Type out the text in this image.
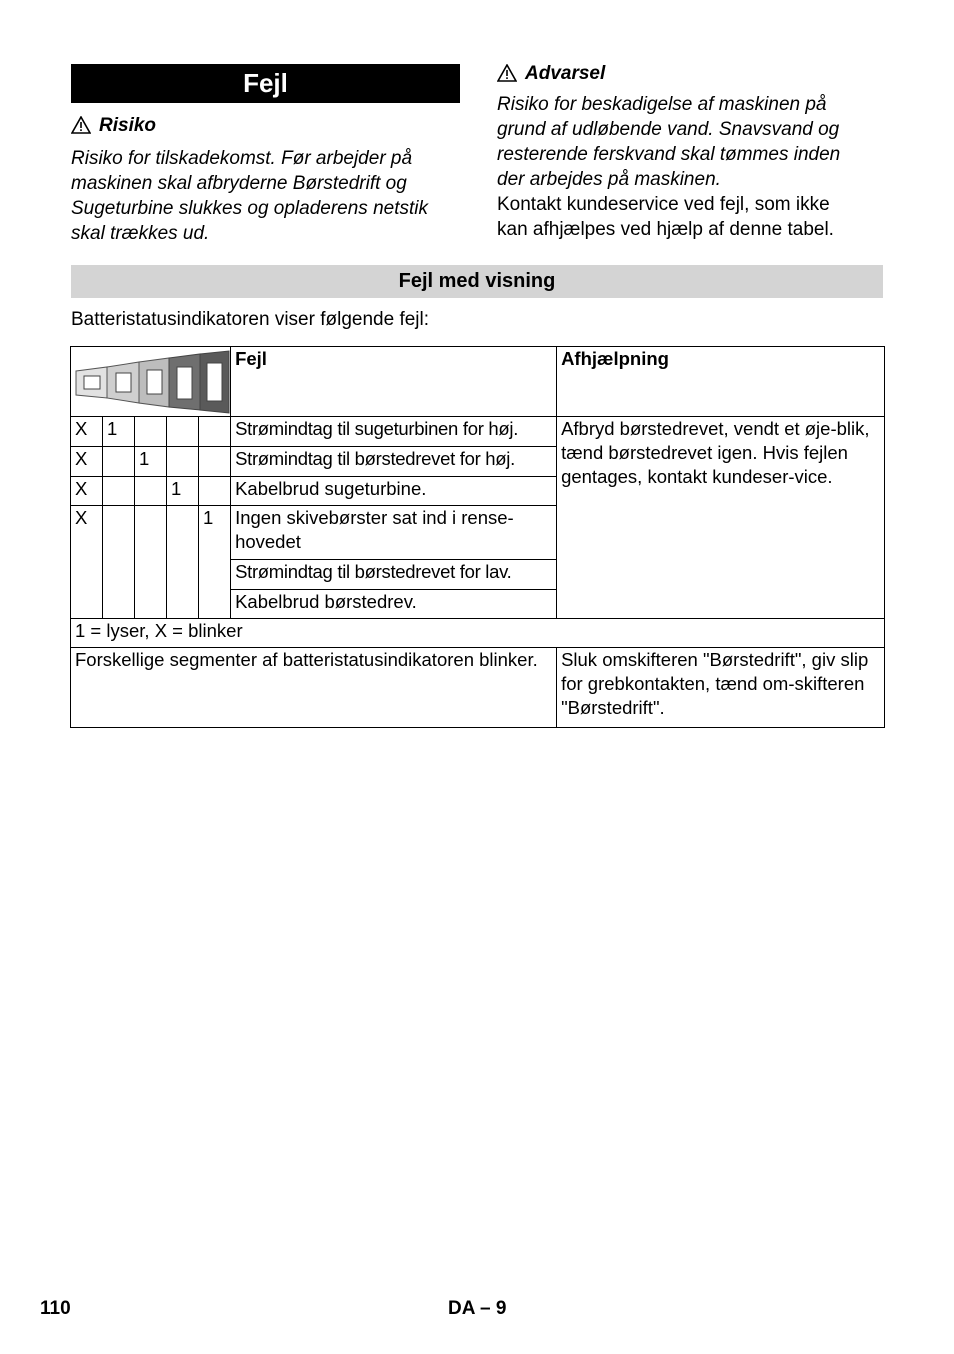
Fejl
Risiko
Risiko for tilskadekomst. Før arbejder på
maskinen skal afbryderne Børstedrift og
Sugeturbine slukkes og opladerens netstik
skal trækkes ud.
Advarsel
Risiko for beskadigelse af maskinen på
grund af udløbende vand. Snavsvand og
resterende ferskvand skal tømmes inden
der arbejdes på maskinen.
Kontakt kundeservice ved fejl, som ikke
kan afhjælpes ved hjælp af denne tabel.
Fejl med visning
Batteristatusindikatoren viser følgende fejl:
	Fejl	Afhjælpning
X	1				Strømindtag til sugeturbinen for høj.	Afbryd børstedrevet, vendt et øje-blik, tænd børstedrevet igen. Hvis fejlen gentages, kontakt kundeser-vice.
X		1			Strømindtag til børstedrevet for høj.	
X			1		Kabelbrud sugeturbine.	
X				1	Ingen skivebørster sat ind i rense-hovedet	
					Strømindtag til børstedrevet for lav.	
					Kabelbrud børstedrev.	
1 = lyser, X = blinker						
Forskellige segmenter af batteristatusindikatoren blinker.						Sluk omskifteren "Børstedrift", giv slip for grebkontakten, tænd om-skifteren "Børstedrift".
110	DA – 9
